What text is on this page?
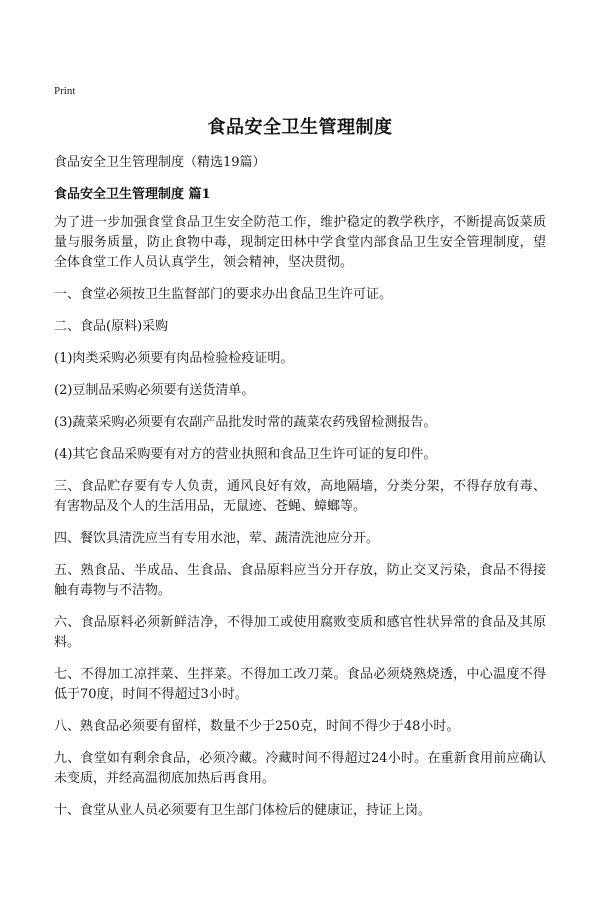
Print
食品安全卫生管理制度
食品安全卫生管理制度（精选19篇）
食品安全卫生管理制度 篇1
为了进一步加强食堂食品卫生安全防范工作，维护稳定的教学秩序，不断提高饭菜质量与服务质量，防止食物中毒，现制定田林中学食堂内部食品卫生安全管理制度，望全体食堂工作人员认真学生，领会精神，坚决贯彻。
一、食堂必须按卫生监督部门的要求办出食品卫生许可证。
二、食品(原料)采购
(1)肉类采购必须要有肉品检验检疫证明。
(2)豆制品采购必须要有送货清单。
(3)蔬菜采购必须要有农副产品批发时常的蔬菜农药残留检测报告。
(4)其它食品采购要有对方的营业执照和食品卫生许可证的复印件。
三、食品贮存要有专人负责，通风良好有效，高地隔墙，分类分架，不得存放有毒、有害物品及个人的生活用品，无鼠迹、苍蝇、蟑螂等。
四、餐饮具清洗应当有专用水池，荤、蔬清洗池应分开。
五、熟食品、半成品、生食品、食品原料应当分开存放，防止交叉污染，食品不得接触有毒物与不洁物。
六、食品原料必须新鲜洁净，不得加工或使用腐败变质和感官性状异常的食品及其原料。
七、不得加工凉拌菜、生拌菜。不得加工改刀菜。食品必须烧熟烧透，中心温度不得低于70度，时间不得超过3小时。
八、熟食品必须要有留样，数量不少于250克，时间不得少于48小时。
九、食堂如有剩余食品，必须冷藏。冷藏时间不得超过24小时。在重新食用前应确认未变质，并经高温彻底加热后再食用。
十、食堂从业人员必须要有卫生部门体检后的健康证，持证上岗。
